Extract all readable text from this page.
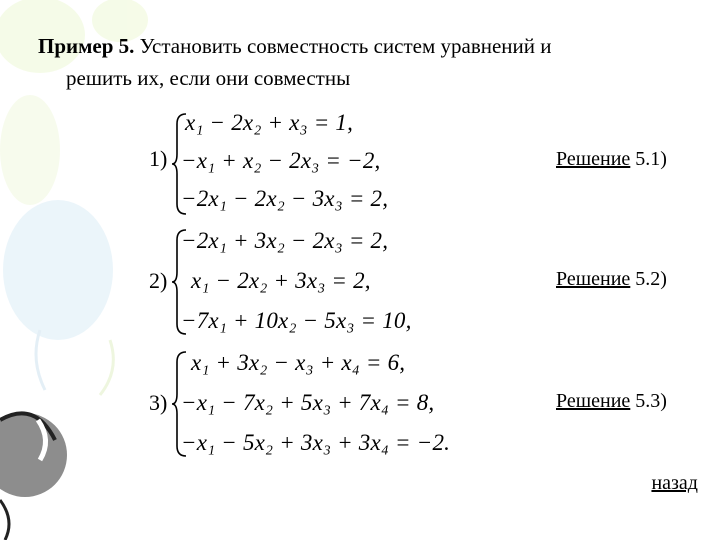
Пример 5. Установить совместность систем уравнений и
решить их, если они совместны
1)
x₁ − 2x₂ + x₃ = 1,
−x₁ + x₂ − 2x₃ = −2,
−2x₁ − 2x₂ − 3x₃ = 2,
Решение 5.1)
2)
−2x₁ + 3x₂ − 2x₃ = 2,
x₁ − 2x₂ + 3x₃ = 2,
−7x₁ + 10x₂ − 5x₃ = 10,
Решение 5.2)
3)
x₁ + 3x₂ − x₃ + x₄ = 6,
−x₁ − 7x₂ + 5x₃ + 7x₄ = 8,
−x₁ − 5x₂ + 3x₃ + 3x₄ = −2.
Решение 5.3)
назад
